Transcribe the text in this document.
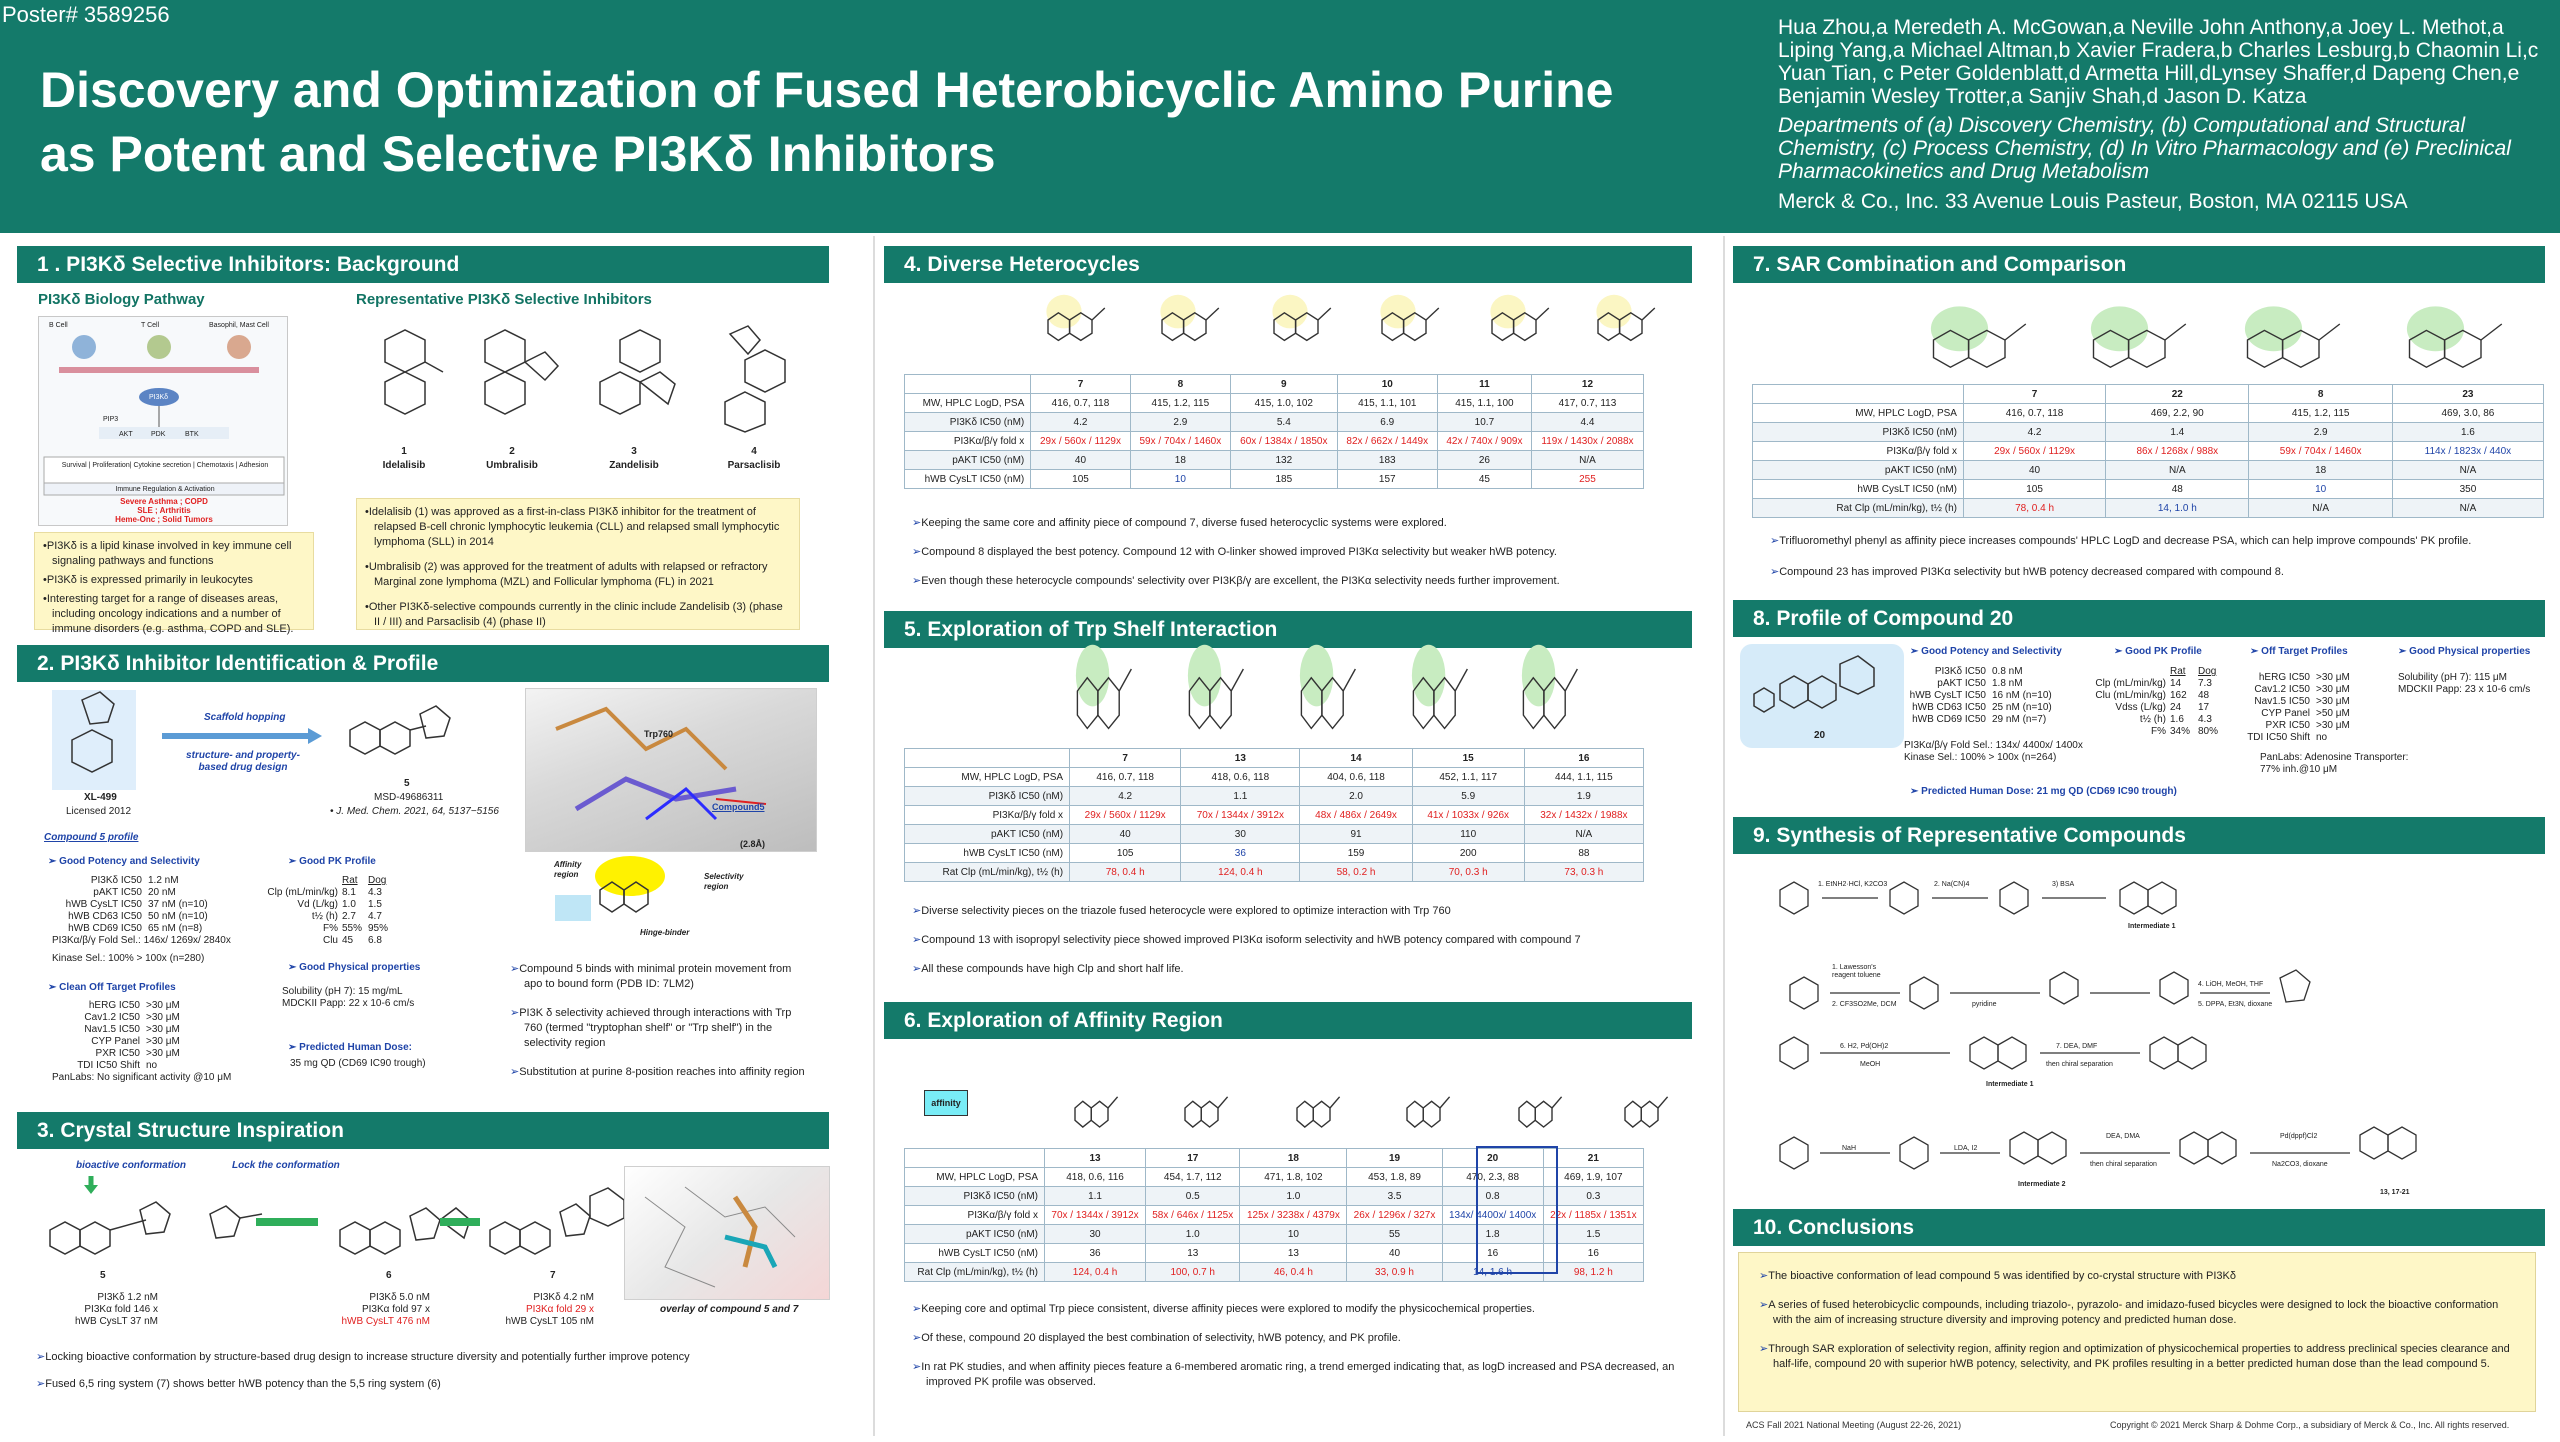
Poster# 3589256
Discovery and Optimization of Fused Heterobicyclic Amino Purine
as Potent and Selective PI3Kδ Inhibitors
Hua Zhou,a Meredeth A. McGowan,a Neville John Anthony,a Joey L. Methot,a Liping Yang,a Michael Altman,b Xavier Fradera,b Charles Lesburg,b Chaomin Li,c Yuan Tian, c Peter Goldenblatt,d Armetta Hill,dLynsey Shaffer,d Dapeng Chen,e Benjamin Wesley Trotter,a Sanjiv Shah,d Jason D. Katza
Departments of (a) Discovery Chemistry, (b) Computational and Structural Chemistry, (c) Process Chemistry, (d) In Vitro Pharmacology and (e) Preclinical Pharmacokinetics and Drug Metabolism
Merck & Co., Inc. 33 Avenue Louis Pasteur, Boston, MA 02115 USA
1 . PI3Kδ Selective Inhibitors: Background
PI3Kδ Biology Pathway	Representative PI3Kδ Selective Inhibitors
B Cell	T Cell	Basophil, Mast Cell
PI3Kδ
PIP3
AKT	PDK	BTK
Survival | Proliferation| Cytokine secretion | Chemotaxis | Adhesion
Immune Regulation & Activation
Severe Asthma ; COPD
SLE ; Arthritis
Heme-Onc ; Solid Tumors
1
Idelalisib
2
Umbralisib
3
Zandelisib
4
Parsaclisib
• PI3Kδ is a lipid kinase involved in key immune cell signaling pathways and functions
• PI3Kδ is expressed primarily in leukocytes
• Interesting target for a range of diseases areas, including oncology indications and a number of immune disorders (e.g. asthma, COPD and SLE).
• Idelalisib (1) was approved as a first-in-class PI3Kδ inhibitor for the treatment of relapsed B-cell chronic lymphocytic leukemia (CLL) and relapsed small lymphocytic lymphoma (SLL) in 2014
• Umbralisib (2) was approved for the treatment of adults with relapsed or refractory Marginal zone lymphoma (MZL) and Follicular lymphoma (FL) in 2021
• Other PI3Kδ-selective compounds currently in the clinic include Zandelisib (3) (phase II / III) and Parsaclisib (4) (phase II)
2. PI3Kδ Inhibitor Identification & Profile
XL-499
Licensed 2012
Scaffold hopping
structure- and property-based drug design
5
MSD-49686311
• J. Med. Chem. 2021, 64, 5137−5156
Trp760
Compound5
(2.8Å)
Affinity region	Selectivity region
Hinge-binder
Compound 5 profile
➢ Good Potency and Selectivity
PI3Kδ IC50 1.2 nM
pAKT IC50 20 nM
hWB CysLT IC50 37 nM (n=10)
hWB CD63 IC50 50 nM (n=10)
hWB CD69 IC50 65 nM (n=8)
PI3Kα/β/γ Fold Sel.: 146x/ 1269x/ 2840x
Kinase Sel.: 100% > 100x (n=280)
➢ Clean Off Target Profiles
hERG IC50 >30 μM
Cav1.2 IC50 >30 μM
Nav1.5 IC50 >30 μM
CYP Panel >30 μM
PXR IC50 >30 μM
TDI IC50 Shift no
PanLabs: No significant activity @10 μM
➢ Good PK Profile
Rat	Dog
Clp (mL/min/kg) 8.1	4.3
Vd (L/kg) 1.0	1.5
t½ (h) 2.7	4.7
F% 55% 95%
Clu 45	6.8
➢ Good Physical properties
Solubility (pH 7): 15 mg/mL
MDCKII Papp: 22 x 10-6 cm/s
➢ Predicted Human Dose:
35 mg QD (CD69 IC90 trough)
➢ Compound 5 binds with minimal protein movement from apo to bound form (PDB ID: 7LM2)
➢ PI3K δ selectivity achieved through interactions with Trp 760 (termed "tryptophan shelf" or "Trp shelf") in the selectivity region
➢ Substitution at purine 8-position reaches into affinity region
3. Crystal Structure Inspiration
bioactive conformation	Lock the conformation
5
PI3Kδ 1.2 nM
PI3Kα fold 146 x
hWB CysLT 37 nM
6
PI3Kδ 5.0 nM
PI3Kα fold 97 x
hWB CysLT 476 nM
7
PI3Kδ 4.2 nM
PI3Kα fold 29 x
hWB CysLT 105 nM
overlay of compound 5 and 7
➢ Locking bioactive conformation by structure-based drug design to increase structure diversity and potentially further improve potency
➢ Fused 6,5 ring system (7) shows better hWB potency than the 5,5 ring system (6)
4. Diverse Heterocycles
	7	8	9	10	11	12
MW, HPLC LogD, PSA	416, 0.7, 118	415, 1.2, 115	415, 1.0, 102	415, 1.1, 101	415, 1.1, 100	417, 0.7, 113
PI3Kδ IC50 (nM)	4.2	2.9	5.4	6.9	10.7	4.4
PI3Kα/β/γ fold x	29x / 560x / 1129x	59x / 704x / 1460x	60x / 1384x / 1850x	82x / 662x / 1449x	42x / 740x / 909x	119x / 1430x / 2088x
pAKT IC50 (nM)	40	18	132	183	26	N/A
hWB CysLT IC50 (nM)	105	10	185	157	45	255
➢ Keeping the same core and affinity piece of compound 7, diverse fused heterocyclic systems were explored.
➢ Compound 8 displayed the best potency. Compound 12 with O-linker showed improved PI3Kα selectivity but weaker hWB potency.
➢ Even though these heterocycle compounds' selectivity over PI3Kβ/γ are excellent, the PI3Kα selectivity needs further improvement.
5. Exploration of Trp Shelf Interaction
	7	13	14	15	16
MW, HPLC LogD, PSA	416, 0.7, 118	418, 0.6, 118	404, 0.6, 118	452, 1.1, 117	444, 1.1, 115
PI3Kδ IC50 (nM)	4.2	1.1	2.0	5.9	1.9
PI3Kα/β/γ fold x	29x / 560x / 1129x	70x / 1344x / 3912x	48x / 486x / 2649x	41x / 1033x / 926x	32x / 1432x / 1988x
pAKT IC50 (nM)	40	30	91	110	N/A
hWB CysLT IC50 (nM)	105	36	159	200	88
Rat Clp (mL/min/kg), t½ (h)	78, 0.4 h	124, 0.4 h	58, 0.2 h	70, 0.3 h	73, 0.3 h
➢ Diverse selectivity pieces on the triazole fused heterocycle were explored to optimize interaction with Trp 760
➢ Compound 13 with isopropyl selectivity piece showed improved PI3Kα isoform selectivity and hWB potency compared with compound 7
➢ All these compounds have high Clp and short half life.
6. Exploration of Affinity Region
affinity
	13	17	18	19	20	21
MW, HPLC LogD, PSA	418, 0.6, 116	454, 1.7, 112	471, 1.8, 102	453, 1.8, 89	470, 2.3, 88	469, 1.9, 107
PI3Kδ IC50 (nM)	1.1	0.5	1.0	3.5	0.8	0.3
PI3Kα/β/γ fold x	70x / 1344x / 3912x	58x / 646x / 1125x	125x / 3238x / 4379x	26x / 1296x / 327x	134x/ 4400x/ 1400x	22x / 1185x / 1351x
pAKT IC50 (nM)	30	1.0	10	55	1.8	1.5
hWB CysLT IC50 (nM)	36	13	13	40	16	16
Rat Clp (mL/min/kg), t½ (h)	124, 0.4 h	100, 0.7 h	46, 0.4 h	33, 0.9 h	14, 1.6 h	98, 1.2 h
➢ Keeping core and optimal Trp piece consistent, diverse affinity pieces were explored to modify the physicochemical properties.
➢ Of these, compound 20 displayed the best combination of selectivity, hWB potency, and PK profile.
➢ In rat PK studies, and when affinity pieces feature a 6-membered aromatic ring, a trend emerged indicating that, as logD increased and PSA decreased, an improved PK profile was observed.
7. SAR Combination and Comparison
	7	22	8	23
MW, HPLC LogD, PSA	416, 0.7, 118	469, 2.2, 90	415, 1.2, 115	469, 3.0, 86
PI3Kδ IC50 (nM)	4.2	1.4	2.9	1.6
PI3Kα/β/γ fold x	29x / 560x / 1129x	86x / 1268x / 988x	59x / 704x / 1460x	114x / 1823x / 440x
pAKT IC50 (nM)	40	N/A	18	N/A
hWB CysLT IC50 (nM)	105	48	10	350
Rat Clp (mL/min/kg), t½ (h)	78, 0.4 h	14, 1.0 h	N/A	N/A
➢ Trifluoromethyl phenyl as affinity piece increases compounds' HPLC LogD and decrease PSA, which can help improve compounds' PK profile.
➢ Compound 23 has improved PI3Kα selectivity but hWB potency decreased compared with compound 8.
8. Profile of Compound 20
20
➢ Good Potency and Selectivity
PI3Kδ IC50 0.8 nM
pAKT IC50 1.8 nM
hWB CysLT IC50 16 nM (n=10)
hWB CD63 IC50 25 nM (n=10)
hWB CD69 IC50 29 nM (n=7)
PI3Kα/β/γ Fold Sel.: 134x/ 4400x/ 1400x
Kinase Sel.: 100% > 100x (n=264)
➢ Predicted Human Dose: 21 mg QD (CD69 IC90 trough)
➢ Good PK Profile
Rat	Dog
Clp (mL/min/kg) 14	7.3
Clu (mL/min/kg) 162	48
Vdss (L/kg) 24	17
t½ (h) 1.6	4.3
F% 34% 80%
➢ Off Target Profiles
hERG IC50 >30 μM
Cav1.2 IC50 >30 μM
Nav1.5 IC50 >30 μM
CYP Panel >50 μM
PXR IC50 >30 μM
TDI IC50 Shift no
PanLabs: Adenosine Transporter: 77% inh.@10 μM
➢ Good Physical properties
Solubility (pH 7): 115 μM
MDCKII Papp: 23 x 10-6 cm/s
9. Synthesis of Representative Compounds
1. EtNH2·HCl, K2CO3	2. Na(CN)4	3) BSA
Intermediate 1
1. Lawesson's reagent toluene
2. CF3SO2Me, DCM	pyridine
4. LiOH, MeOH, THF
5. DPPA, Et3N, dioxane
6. H2, Pd(OH)2
MeOH
7. DEA, DMF
then chiral separation
Intermediate 1
NaH	LDA, I2
DEA, DMA
then chiral separation
Intermediate 2
Pd(dppf)Cl2
Na2CO3, dioxane
13, 17-21
10. Conclusions
➢ The bioactive conformation of lead compound 5 was identified by co-crystal structure with PI3Kδ
➢ A series of fused heterobicyclic compounds, including triazolo-, pyrazolo- and imidazo-fused bicycles were designed to lock the bioactive conformation with the aim of increasing structure diversity and improving potency and predicted human dose.
➢ Through SAR exploration of selectivity region, affinity region and optimization of physicochemical properties to address preclinical species clearance and half-life, compound 20 with superior hWB potency, selectivity, and PK profiles resulting in a better predicted human dose than the lead compound 5.
ACS Fall 2021 National Meeting (August 22-26, 2021)	Copyright © 2021 Merck Sharp & Dohme Corp., a subsidiary of Merck & Co., Inc. All rights reserved.
